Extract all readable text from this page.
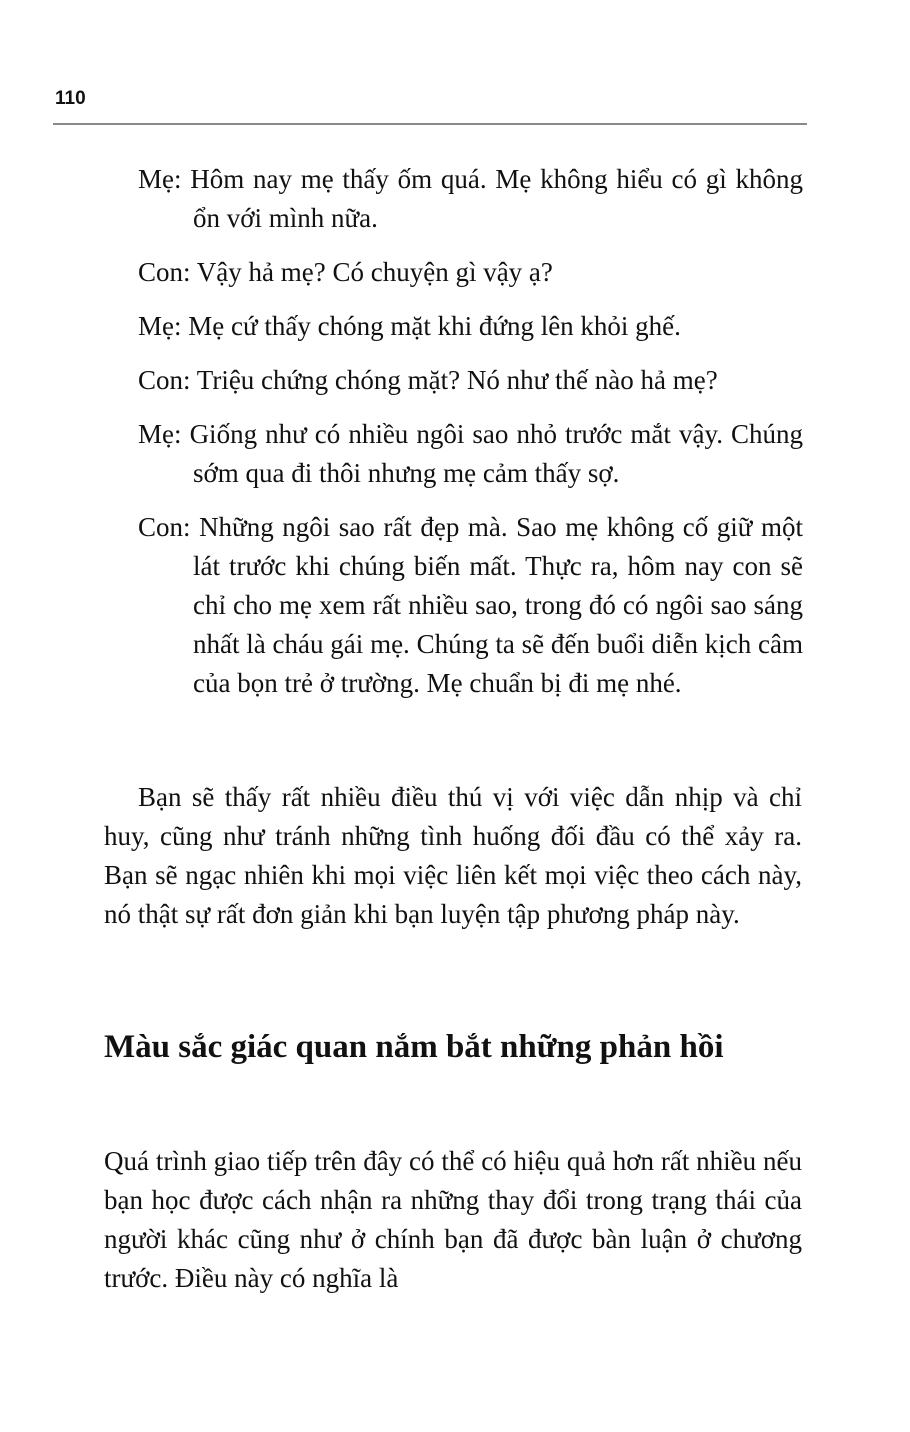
110
Mẹ: Hôm nay mẹ thấy ốm quá. Mẹ không hiểu có gì không ổn với mình nữa.
Con: Vậy hả mẹ? Có chuyện gì vậy ạ?
Mẹ: Mẹ cứ thấy chóng mặt khi đứng lên khỏi ghế.
Con: Triệu chứng chóng mặt? Nó như thế nào hả mẹ?
Mẹ: Giống như có nhiều ngôi sao nhỏ trước mắt vậy. Chúng sớm qua đi thôi nhưng mẹ cảm thấy sợ.
Con: Những ngôi sao rất đẹp mà. Sao mẹ không cố giữ một lát trước khi chúng biến mất. Thực ra, hôm nay con sẽ chỉ cho mẹ xem rất nhiều sao, trong đó có ngôi sao sáng nhất là cháu gái mẹ. Chúng ta sẽ đến buổi diễn kịch câm của bọn trẻ ở trường. Mẹ chuẩn bị đi mẹ nhé.

Bạn sẽ thấy rất nhiều điều thú vị với việc dẫn nhịp và chỉ huy, cũng như tránh những tình huống đối đầu có thể xảy ra. Bạn sẽ ngạc nhiên khi mọi việc liên kết mọi việc theo cách này, nó thật sự rất đơn giản khi bạn luyện tập phương pháp này.

Màu sắc giác quan nắm bắt những phản hồi

Quá trình giao tiếp trên đây có thể có hiệu quả hơn rất nhiều nếu bạn học được cách nhận ra những thay đổi trong trạng thái của người khác cũng như ở chính bạn đã được bàn luận ở chương trước. Điều này có nghĩa là
